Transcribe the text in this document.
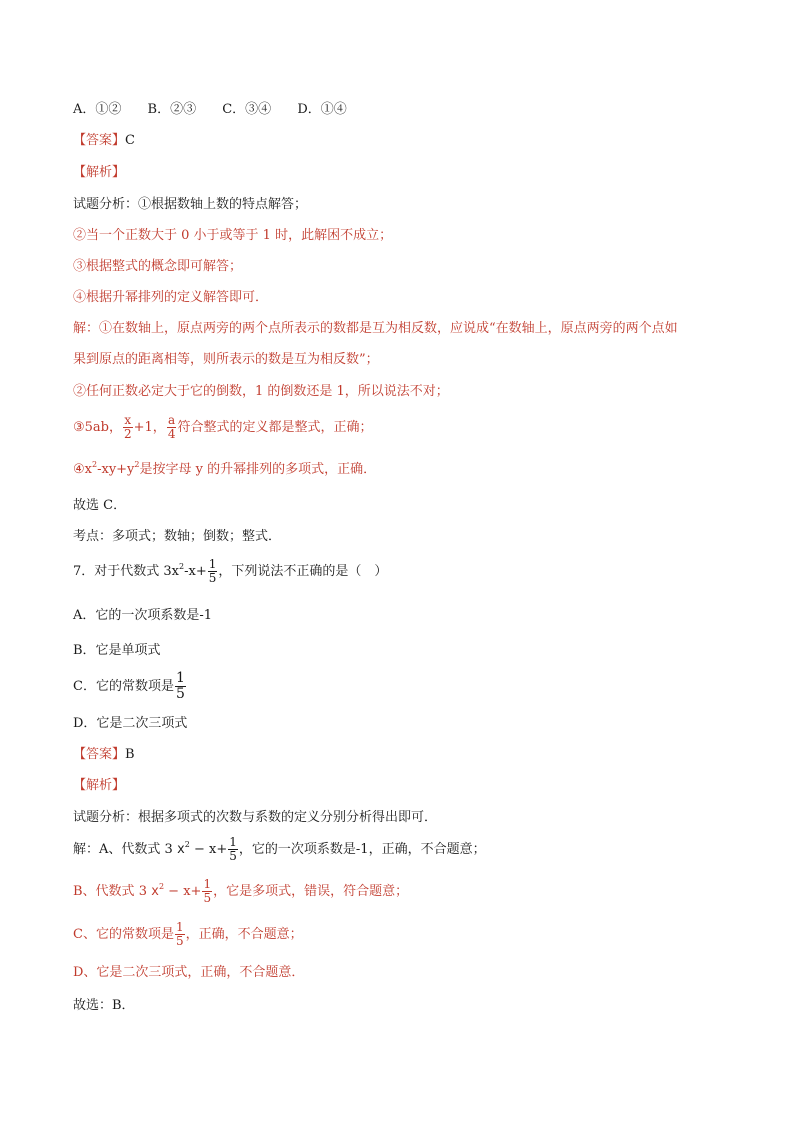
A．①② B．②③ C．③④ D．①④
【答案】C
【解析】
试题分析：①根据数轴上数的特点解答；
②当一个正数大于 0 小于或等于 1 时，此解困不成立；
③根据整式的概念即可解答；
④根据升幂排列的定义解答即可．
解：①在数轴上，原点两旁的两个点所表示的数都是互为相反数，应说成“在数轴上，原点两旁的两个点如
果到原点的距离相等，则所表示的数是互为相反数”；
②任何正数必定大于它的倒数，1 的倒数还是 1，所以说法不对；
③5ab， $\frac{x}{2} +1$， $\frac{a}{4}$ 符合整式的定义都是整式，正确；
$④x^2-xy+y^2$是按字母 y 的升幂排列的多项式，正确．
故选 C．
考点：多项式；数轴；倒数；整式．
7．对于代数式 $3x^2-x+ \frac{1}{5}$ ，下列说法不正确的是（　）
A．它的一次项系数是-1
B．它是单项式
C．它的常数项是 $\frac{1}{5}$
D．它是二次三项式
【答案】B
【解析】
试题分析：根据多项式的次数与系数的定义分别分析得出即可．
解：A、代数式 3 $x^2 - x+ \frac{1}{5}$ ，它的一次项系数是-1，正确，不合题意；
B、代数式 3 $x^2 - x+ \frac{1}{5}$ ，它是多项式，错误，符合题意；
C、它的常数项是 $\frac{1}{5}$ ，正确，不合题意；
D、它是二次三项式，正确，不合题意．
故选：B．
